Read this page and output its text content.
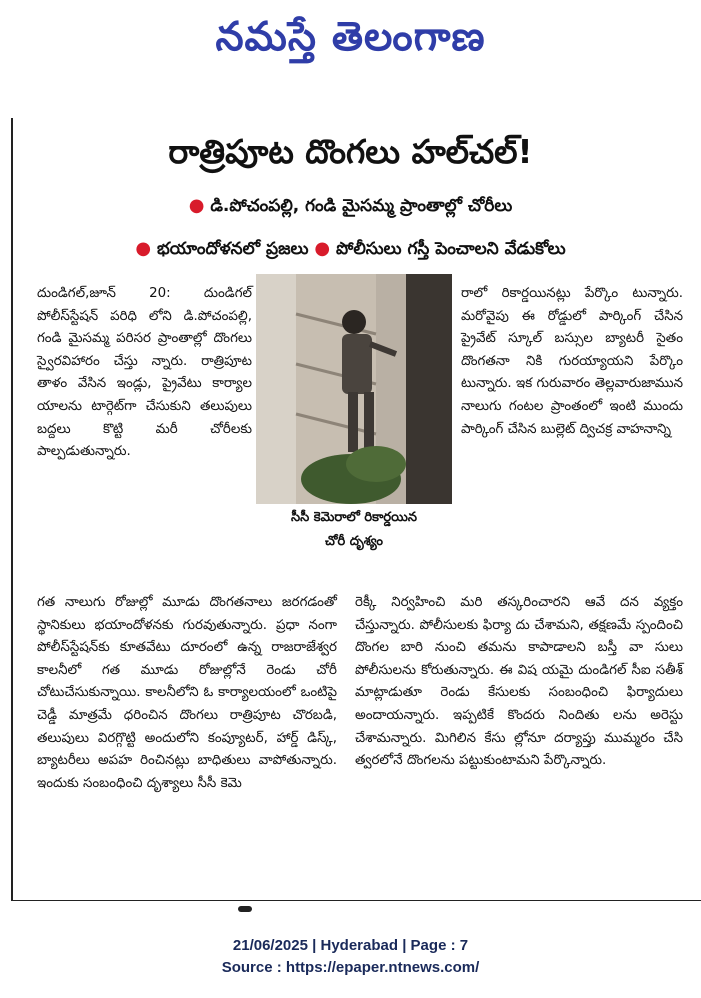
నమస్తే తెలంగాణ
రాత్రిపూట దొంగలు హల్‌చల్‌!
● డి.పోచంపల్లి, గండి మైసమ్మ ప్రాంతాల్లో చోరీలు
● భయాందోళనలో ప్రజలు ● పోలీసులు గస్తీ పెంచాలని వేడుకోలు

దుండిగల్‌,జూన్‌ 20: దుండిగల్‌ పోలీస్‌స్టేషన్‌ పరిధి లోని డి.పోచంపల్లి, గండి మైసమ్మ పరిసర ప్రాంతాల్లో దొంగలు స్వైరవిహారం చేస్తు న్నారు. రాత్రిపూట తాళం వేసిన ఇండ్లు, ప్రైవేటు కార్యాల యాలను టార్గెట్‌గా చేసుకుని తలుపులు బద్దలు కొట్టి మరీ చోరీలకు పాల్పడుతున్నారు.

సీసీ కెమెరాలో రికార్డయిన
చోరీ దృశ్యం

రాలో రికార్డయినట్లు పేర్కొం టున్నారు. మరోవైపు ఈ రోడ్డులో పార్కింగ్‌ చేసిన ప్రైవేట్‌ స్కూల్‌ బస్సుల బ్యాటరీ సైతం దొంగతనా నికి గురయ్యాయని పేర్కొం టున్నారు. ఇక గురువారం తెల్లవారుజామున నాలుగు గంటల ప్రాంతంలో ఇంటి ముందు పార్కింగ్‌ చేసిన బుల్లెట్‌ ద్విచక్ర వాహనాన్ని

గత నాలుగు రోజుల్లో మూడు దొంగతనాలు జరగడంతో స్థానికులు భయాందోళనకు గురవుతున్నారు. ప్రధా నంగా పోలీస్‌స్టేషన్‌కు కూతవేటు దూరంలో ఉన్న రాజరాజేశ్వర కాలనీలో గత మూడు రోజుల్లోనే రెండు చోరీ చోటుచేసుకున్నాయి. కాలనీలోని ఓ కార్యాలయంలో ఒంటిపై చెడ్డీ మాత్రమే ధరించిన దొంగలు రాత్రిపూట చొరబడి, తలుపులు విరగ్గొట్టి అందులోని కంప్యూటర్‌, హార్డ్‌ డిస్క్‌, బ్యాటరీలు అపహ రించినట్లు బాధితులు వాపోతున్నారు. ఇందుకు సంబంధించి దృశ్యాలు సీసీ కెమె

రెక్కీ నిర్వహించి మరి తస్కరించారని ఆవే దన వ్యక్తం చేస్తున్నారు. పోలీసులకు ఫిర్యా దు చేశామని, తక్షణమే స్పందించి దొంగల బారి నుంచి తమను కాపాడాలని బస్తీ వా సులు పోలీసులను కోరుతున్నారు. ఈ విష యమై దుండిగల్‌ సీఐ సతీశ్‌ మాట్లాడుతూ రెండు కేసులకు సంబంధించి ఫిర్యాదులు అందాయన్నారు. ఇప్పటికే కొందరు నిందితు లను అరెస్టు చేశామన్నారు. మిగిలిన కేసు ల్లోనూ దర్యాప్తు ముమ్మరం చేసి త్వరలోనే దొంగలను పట్టుకుంటామని పేర్కొన్నారు.

21/06/2025 | Hyderabad | Page : 7
Source : https://epaper.ntnews.com/
